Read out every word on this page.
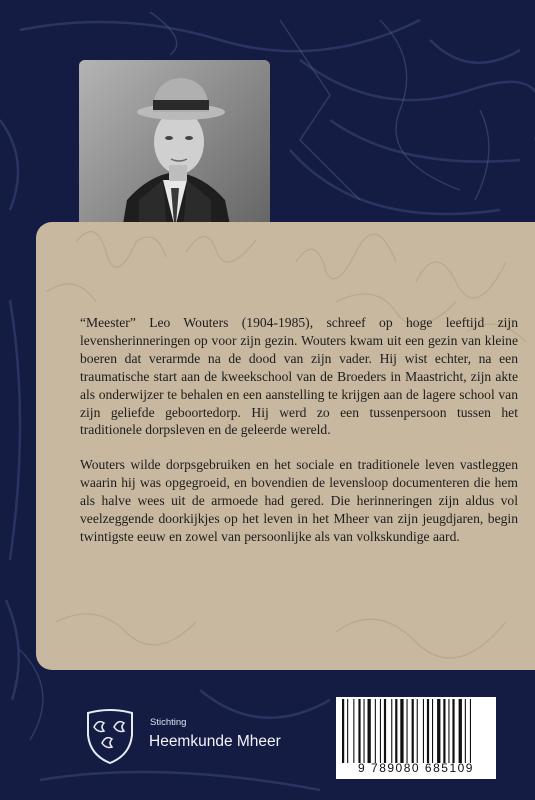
“Meester” Leo Wouters (1904-1985), schreef op hoge leeftijd zijn levensherinneringen op voor zijn gezin. Wouters kwam uit een gezin van kleine boeren dat verarmde na de dood van zijn vader. Hij wist echter, na een traumatische start aan de kweekschool van de Broeders in Maastricht, zijn akte als onderwijzer te behalen en een aanstelling te krijgen aan de lagere school van zijn geliefde geboortedorp. Hij werd zo een tussenpersoon tussen het traditionele dorpsleven en de geleerde wereld.

Wouters wilde dorpsgebruiken en het sociale en traditionele leven vastleggen waarin hij was opgegroeid, en bovendien de levensloop documenteren die hem als halve wees uit de armoede had gered. Die herinneringen zijn aldus vol veelzeggende doorkijkjes op het leven in het Mheer van zijn jeugdjaren, begin twintigste eeuw en zowel van persoonlijke als van volkskundige aard.

Stichting
Heemkunde Mheer
9 789080 685109
